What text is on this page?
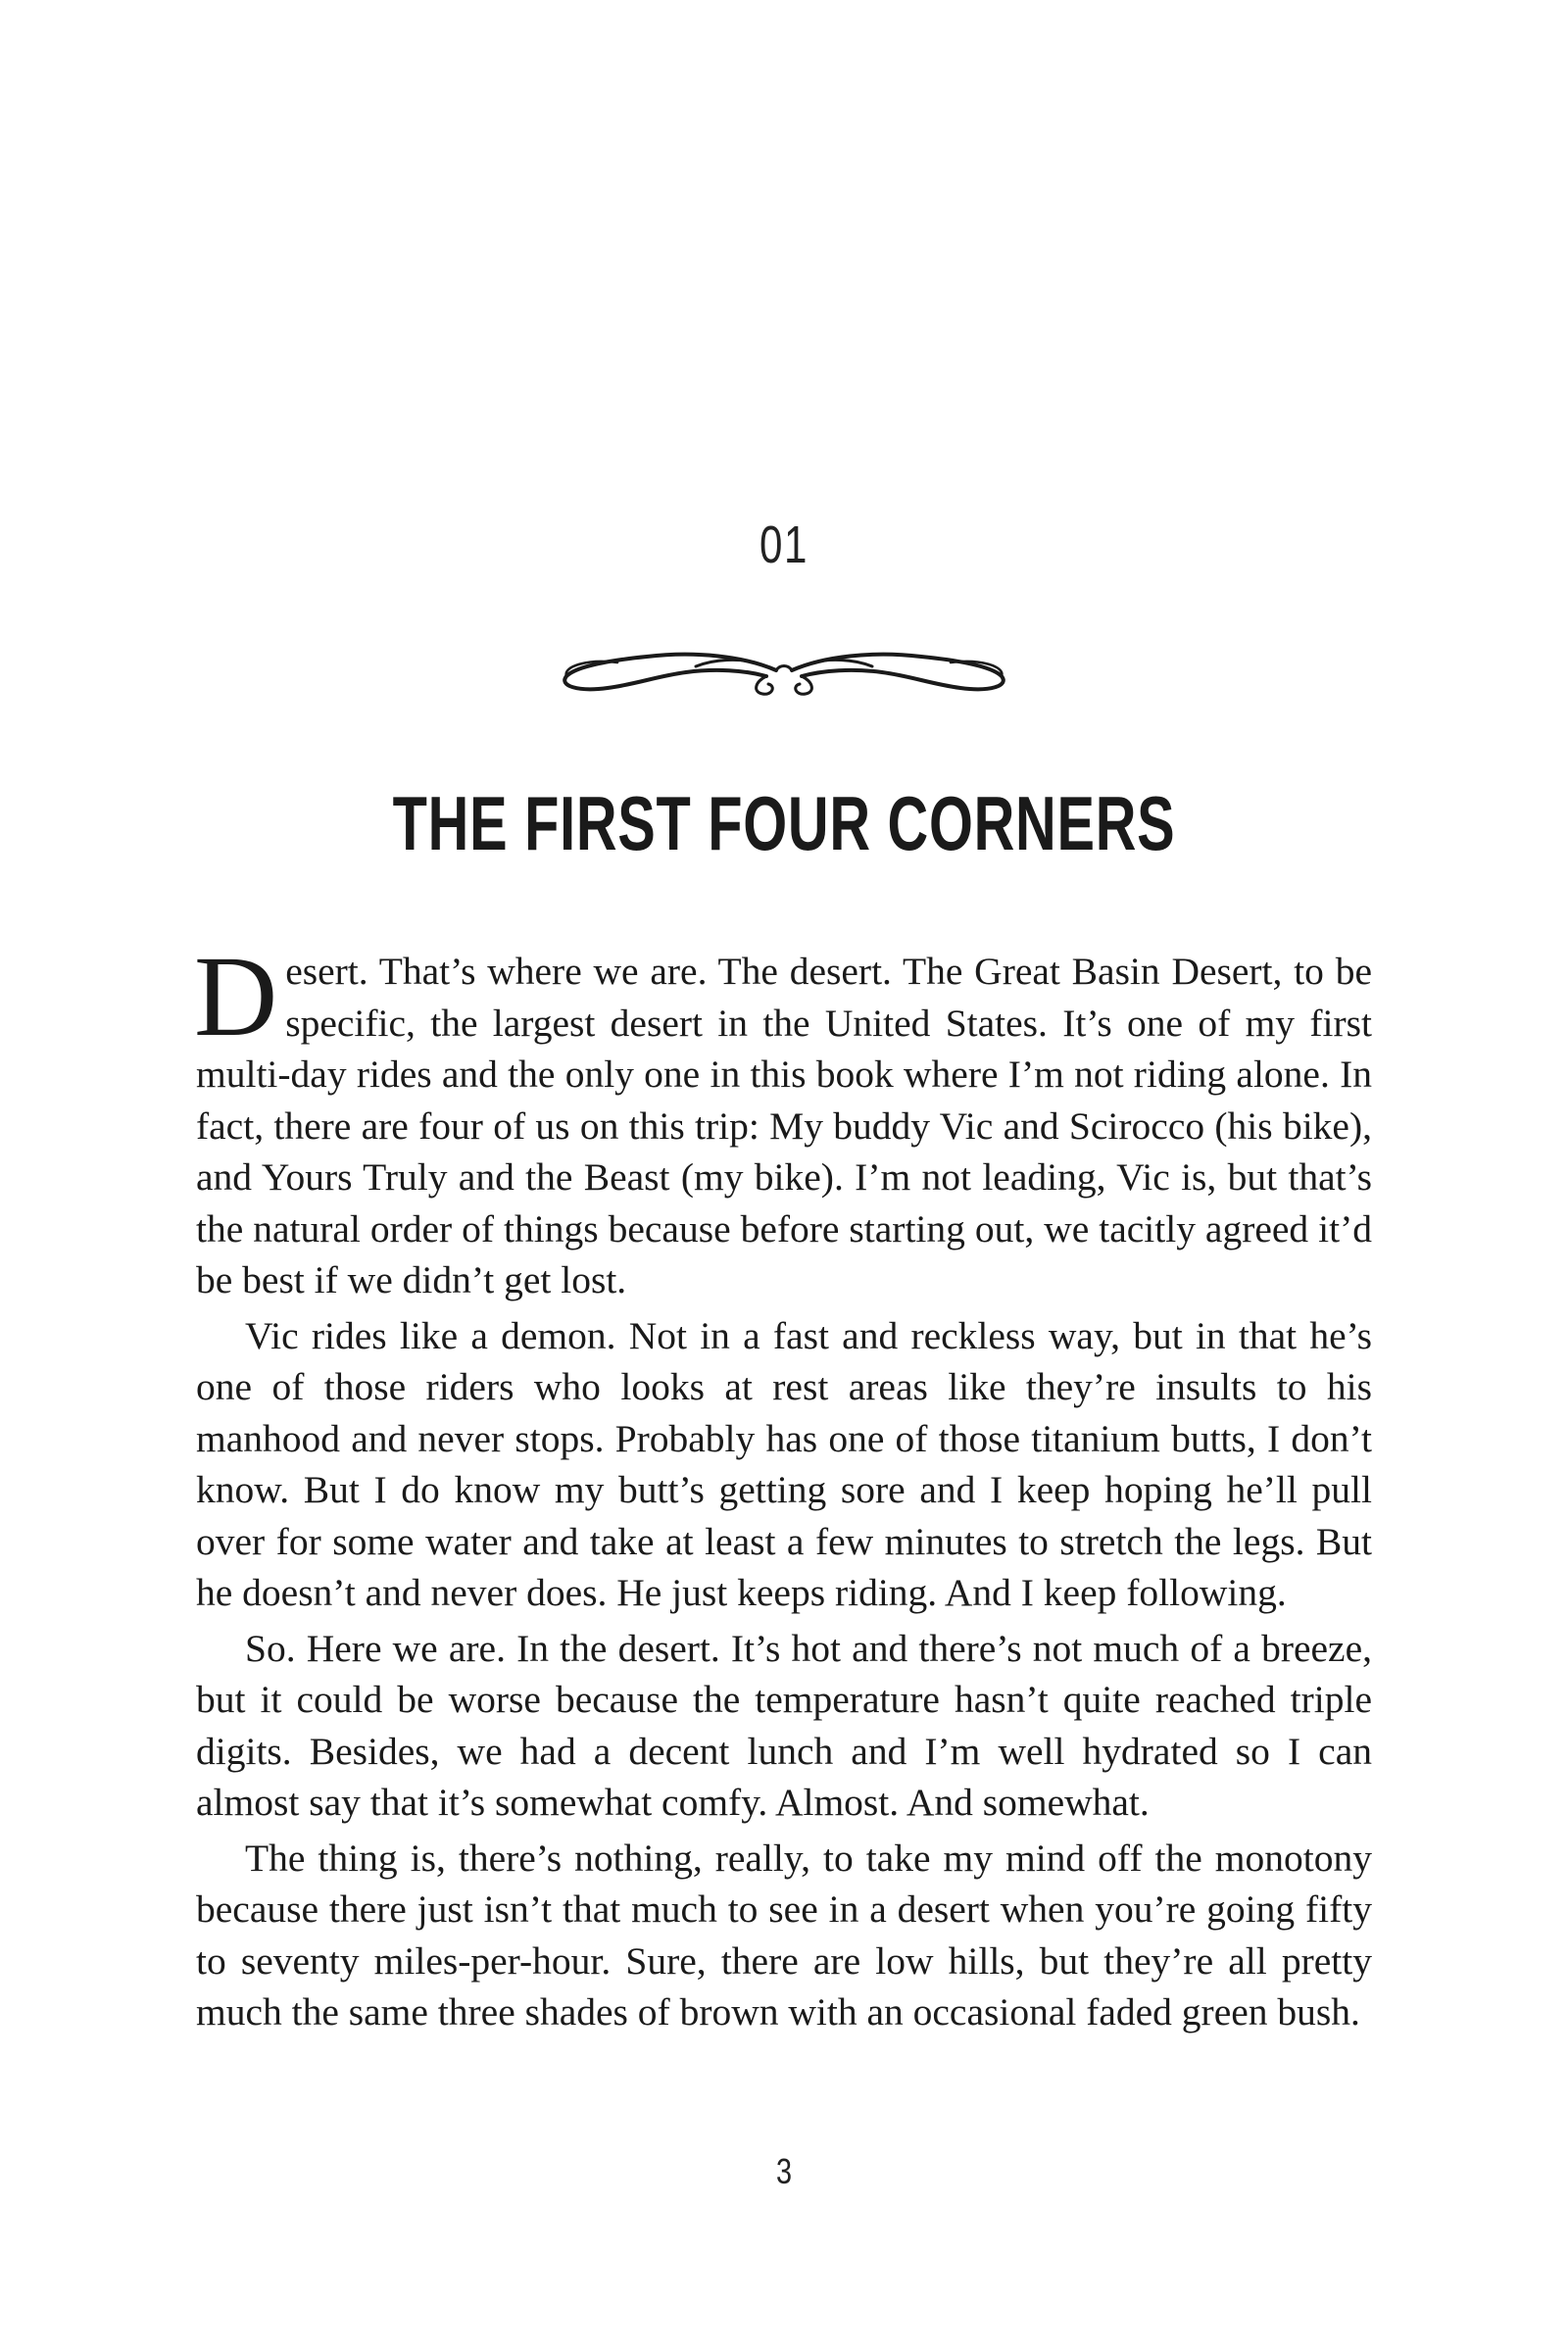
01
THE FIRST FOUR CORNERS

Desert. That’s where we are. The desert. The Great Basin Desert, to be specific, the largest desert in the United States. It’s one of my first multi-day rides and the only one in this book where I’m not riding alone. In fact, there are four of us on this trip: My buddy Vic and Scirocco (his bike), and Yours Truly and the Beast (my bike). I’m not leading, Vic is, but that’s the natural order of things because before starting out, we tacitly agreed it’d be best if we didn’t get lost.

Vic rides like a demon. Not in a fast and reckless way, but in that he’s one of those riders who looks at rest areas like they’re insults to his manhood and never stops. Probably has one of those titanium butts, I don’t know. But I do know my butt’s getting sore and I keep hoping he’ll pull over for some water and take at least a few minutes to stretch the legs. But he doesn’t and never does. He just keeps riding. And I keep following.

So. Here we are. In the desert. It’s hot and there’s not much of a breeze, but it could be worse because the temperature hasn’t quite reached triple digits. Besides, we had a decent lunch and I’m well hydrated so I can almost say that it’s somewhat comfy. Almost. And somewhat.

The thing is, there’s nothing, really, to take my mind off the monotony because there just isn’t that much to see in a desert when you’re going fifty to seventy miles-per-hour. Sure, there are low hills, but they’re all pretty much the same three shades of brown with an occasional faded green bush.

3
